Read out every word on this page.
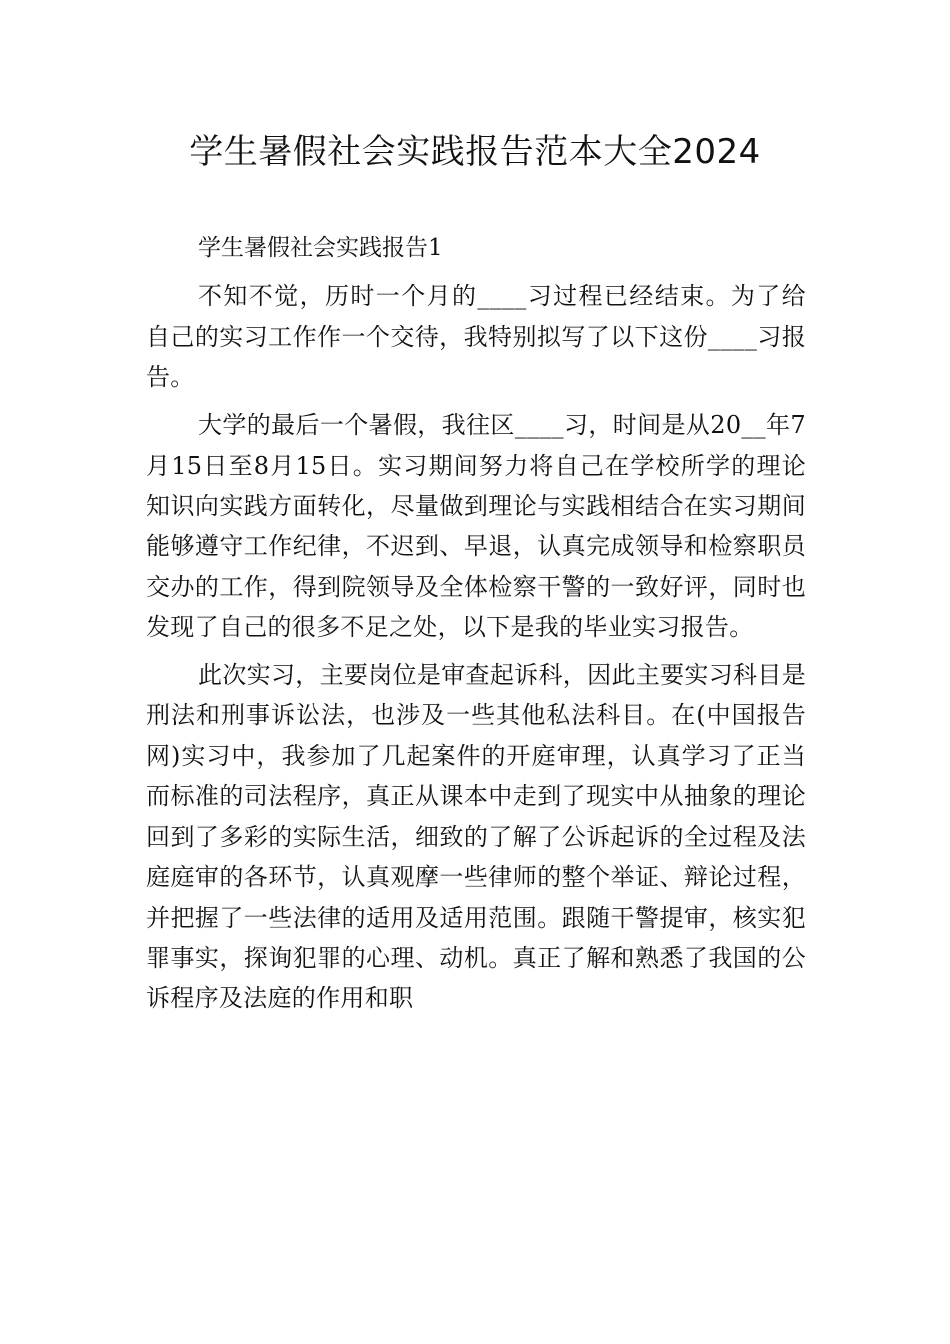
学生暑假社会实践报告范本大全2024

学生暑假社会实践报告1

不知不觉，历时一个月的____习过程已经结束。为了给自己的实习工作作一个交待，我特别拟写了以下这份____习报告。

大学的最后一个暑假，我往区____习，时间是从20__年7月15日至8月15日。实习期间努力将自己在学校所学的理论知识向实践方面转化，尽量做到理论与实践相结合在实习期间能够遵守工作纪律，不迟到、早退，认真完成领导和检察职员交办的工作，得到院领导及全体检察干警的一致好评，同时也发现了自己的很多不足之处，以下是我的毕业实习报告。

此次实习，主要岗位是审查起诉科，因此主要实习科目是刑法和刑事诉讼法，也涉及一些其他私法科目。在(中国报告网)实习中，我参加了几起案件的开庭审理，认真学习了正当而标准的司法程序，真正从课本中走到了现实中从抽象的理论回到了多彩的实际生活，细致的了解了公诉起诉的全过程及法庭庭审的各环节，认真观摩一些律师的整个举证、辩论过程，并把握了一些法律的适用及适用范围。跟随干警提审，核实犯罪事实，探询犯罪的心理、动机。真正了解和熟悉了我国的公诉程序及法庭的作用和职
